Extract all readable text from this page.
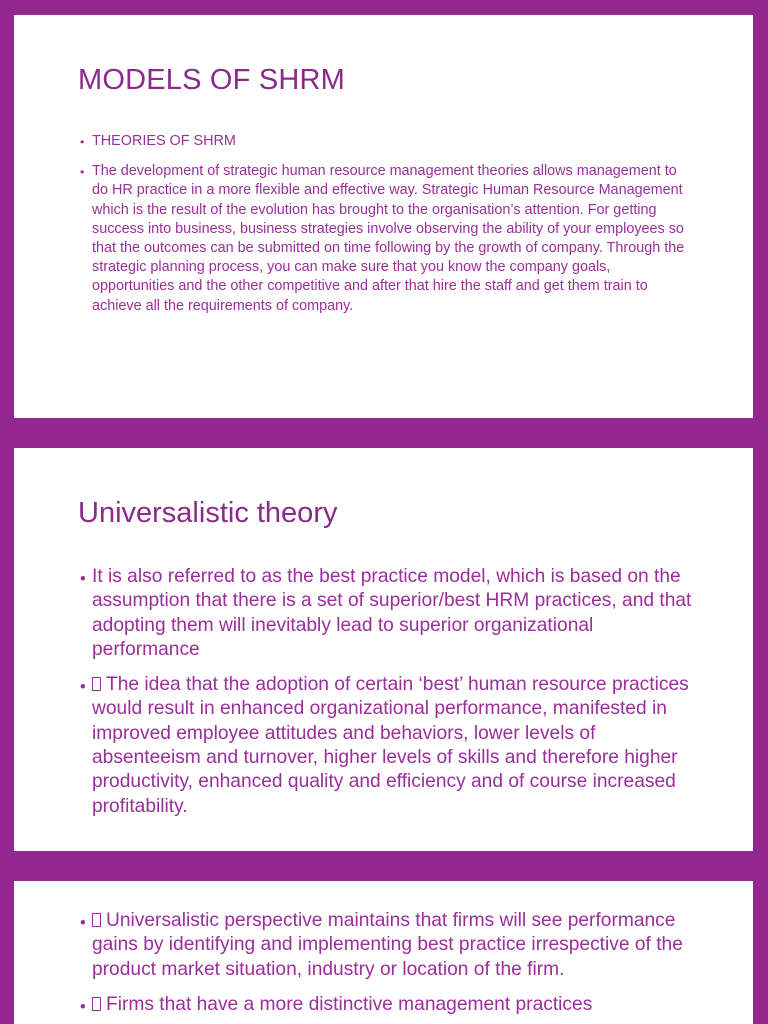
MODELS OF SHRM
• THEORIES OF SHRM
• The development of strategic human resource management theories allows management to do HR practice in a more flexible and effective way. Strategic Human Resource Management which is the result of the evolution has brought to the organisation’s attention. For getting success into business, business strategies involve observing the ability of your employees so that the outcomes can be submitted on time following by the growth of company. Through the strategic planning process, you can make sure that you know the company goals, opportunities and the other competitive and after that hire the staff and get them train to achieve all the requirements of company.
Universalistic theory
• It is also referred to as the best practice model, which is based on the assumption that there is a set of superior/best HRM practices, and that adopting them will inevitably lead to superior organizational performance
• The idea that the adoption of certain ‘best’ human resource practices would result in enhanced organizational performance, manifested in improved employee attitudes and behaviors, lower levels of absenteeism and turnover, higher levels of skills and therefore higher productivity, enhanced quality and efficiency and of course increased profitability.
• Universalistic perspective maintains that firms will see performance gains by identifying and implementing best practice irrespective of the product market situation, industry or location of the firm.
• Firms that have a more distinctive management practices
